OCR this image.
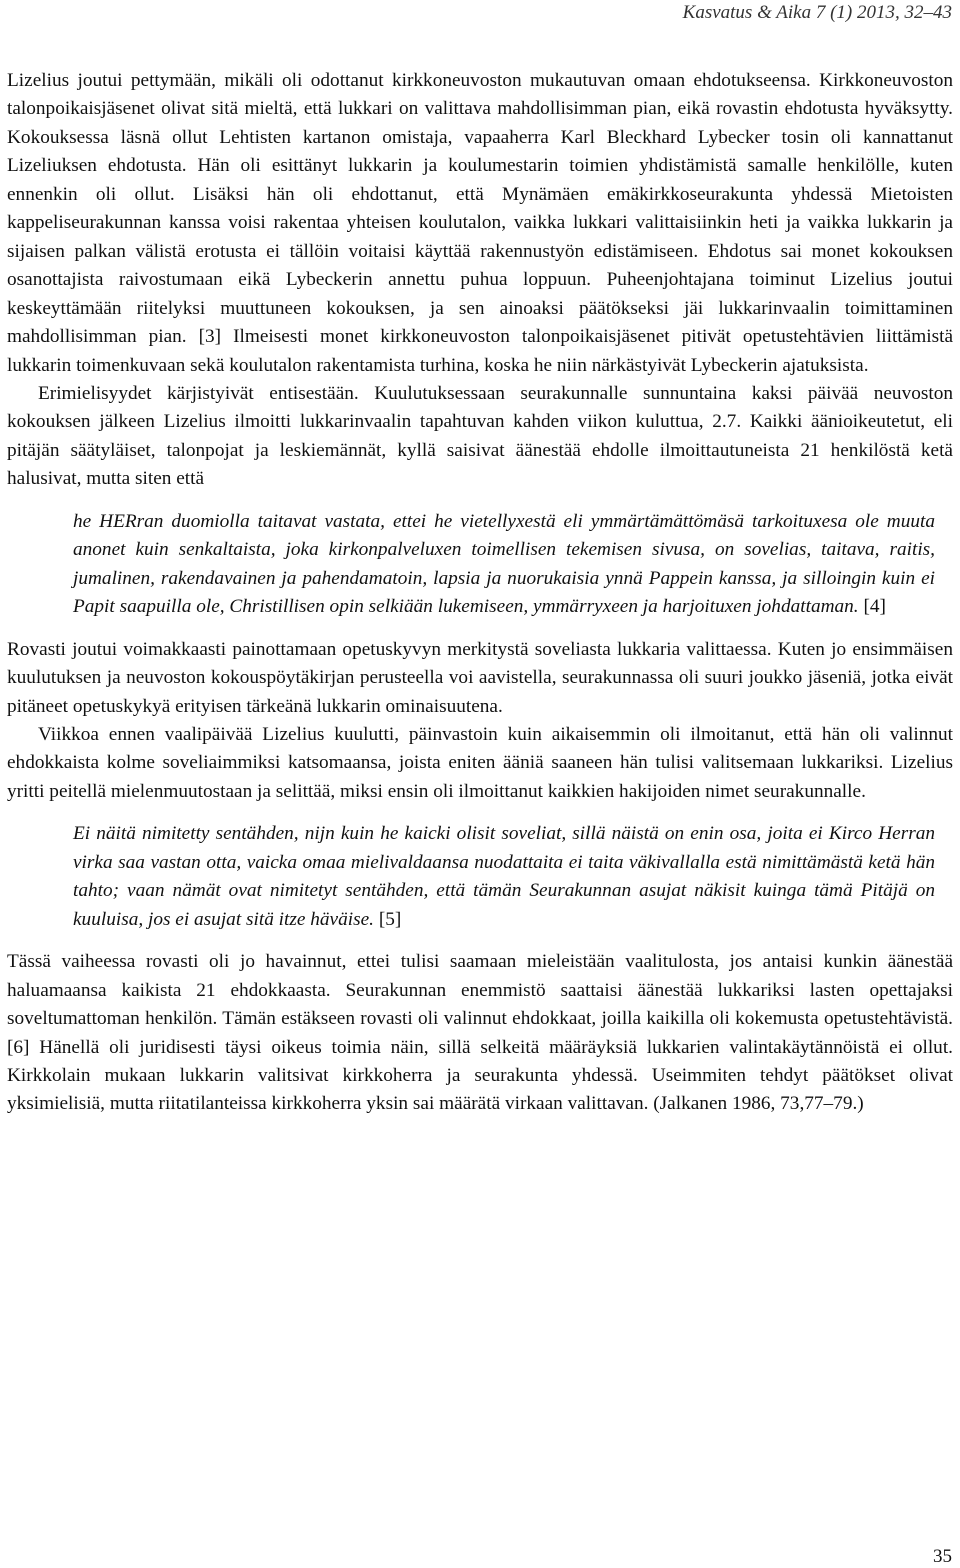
Kasvatus & Aika 7 (1) 2013, 32–43

Lizelius joutui pettymään, mikäli oli odottanut kirkkoneuvoston mukautuvan omaan ehdotukseensa. Kirkkoneuvoston talonpoikaisjäsenet olivat sitä mieltä, että lukkari on valittava mahdollisimman pian, eikä rovastin ehdotusta hyväksytty. Kokouksessa läsnä ollut Lehtisten kartanon omistaja, vapaaherra Karl Bleckhard Lybecker tosin oli kannattanut Lizeliuksen ehdotusta. Hän oli esittänyt lukkarin ja koulumestarin toimien yhdistämistä samalle henkilölle, kuten ennenkin oli ollut. Lisäksi hän oli ehdottanut, että Mynämäen emäkirkkoseurakunta yhdessä Mietoisten kappeliseurakunnan kanssa voisi rakentaa yhteisen koulutalon, vaikka lukkari valittaisiinkin heti ja vaikka lukkarin ja sijaisen palkan välistä erotusta ei tällöin voitaisi käyttää rakennustyön edistämiseen. Ehdotus sai monet kokouksen osanottajista raivostumaan eikä Lybeckerin annettu puhua loppuun. Puheenjohtajana toiminut Lizelius joutui keskeyttämään riitelyksi muuttuneen kokouksen, ja sen ainoaksi päätökseksi jäi lukkarinvaalin toimittaminen mahdollisimman pian. [3] Ilmeisesti monet kirkkoneuvoston talonpoikaisjäsenet pitivät opetustehtävien liittämistä lukkarin toimenkuvaan sekä koulutalon rakentamista turhina, koska he niin närkästyivät Lybeckerin ajatuksista.

Erimielisyydet kärjistyivät entisestään. Kuulutuksessaan seurakunnalle sunnuntaina kaksi päivää neuvoston kokouksen jälkeen Lizelius ilmoitti lukkarinvaalin tapahtuvan kahden viikon kuluttua, 2.7. Kaikki äänioikeutetut, eli pitäjän säätyläiset, talonpojat ja leskiemännät, kyllä saisivat äänestää ehdolle ilmoittautuneista 21 henkilöstä ketä halusivat, mutta siten että

he HERran duomiolla taitavat vastata, ettei he vietellyxestä eli ymmärtämättömäsä tarkoituxesa ole muuta anonet kuin senkaltaista, joka kirkonpalveluxen toimellisen tekemisen sivusa, on sovelias, taitava, raitis, jumalinen, rakendavainen ja pahendamatoin, lapsia ja nuorukaisia ynnä Pappein kanssa, ja silloingin kuin ei Papit saapuilla ole, Christillisen opin selkiään lukemiseen, ymmärryxeen ja harjoituxen johdattaman. [4]

Rovasti joutui voimakkaasti painottamaan opetuskyvyn merkitystä soveliasta lukkaria valittaessa. Kuten jo ensimmäisen kuulutuksen ja neuvoston kokouspöytäkirjan perusteella voi aavistella, seurakunnassa oli suuri joukko jäseniä, jotka eivät pitäneet opetuskykyä erityisen tärkeänä lukkarin ominaisuutena.

Viikkoa ennen vaalipäivää Lizelius kuulutti, päinvastoin kuin aikaisemmin oli ilmoitanut, että hän oli valinnut ehdokkaista kolme soveliaimmiksi katsomaansa, joista eniten ääniä saaneen hän tulisi valitsemaan lukkariksi. Lizelius yritti peitellä mielenmuutostaan ja selittää, miksi ensin oli ilmoittanut kaikkien hakijoiden nimet seurakunnalle.

Ei näitä nimitetty sentähden, nijn kuin he kaicki olisit soveliat, sillä näistä on enin osa, joita ei Kirco Herran virka saa vastan otta, vaicka omaa mielivaldaansa nuodattaita ei taita väkivallalla estä nimittämästä ketä hän tahto; vaan nämät ovat nimitetyt sentähden, että tämän Seurakunnan asujat näkisit kuinga tämä Pitäjä on kuuluisa, jos ei asujat sitä itze häväise. [5]

Tässä vaiheessa rovasti oli jo havainnut, ettei tulisi saamaan mieleistään vaalitulosta, jos antaisi kunkin äänestää haluamaansa kaikista 21 ehdokkaasta. Seurakunnan enemmistö saattaisi äänestää lukkariksi lasten opettajaksi soveltumattoman henkilön. Tämän estäkseen rovasti oli valinnut ehdokkaat, joilla kaikilla oli kokemusta opetustehtävistä. [6] Hänellä oli juridisesti täysi oikeus toimia näin, sillä selkeitä määräyksiä lukkarien valintakäytännöistä ei ollut. Kirkkolain mukaan lukkarin valitsivat kirkkoherra ja seurakunta yhdessä. Useimmiten tehdyt päätökset olivat yksimielisiä, mutta riitatilanteissa kirkkoherra yksin sai määrätä virkaan valittavan. (Jalkanen 1986, 73,77–79.)

35
